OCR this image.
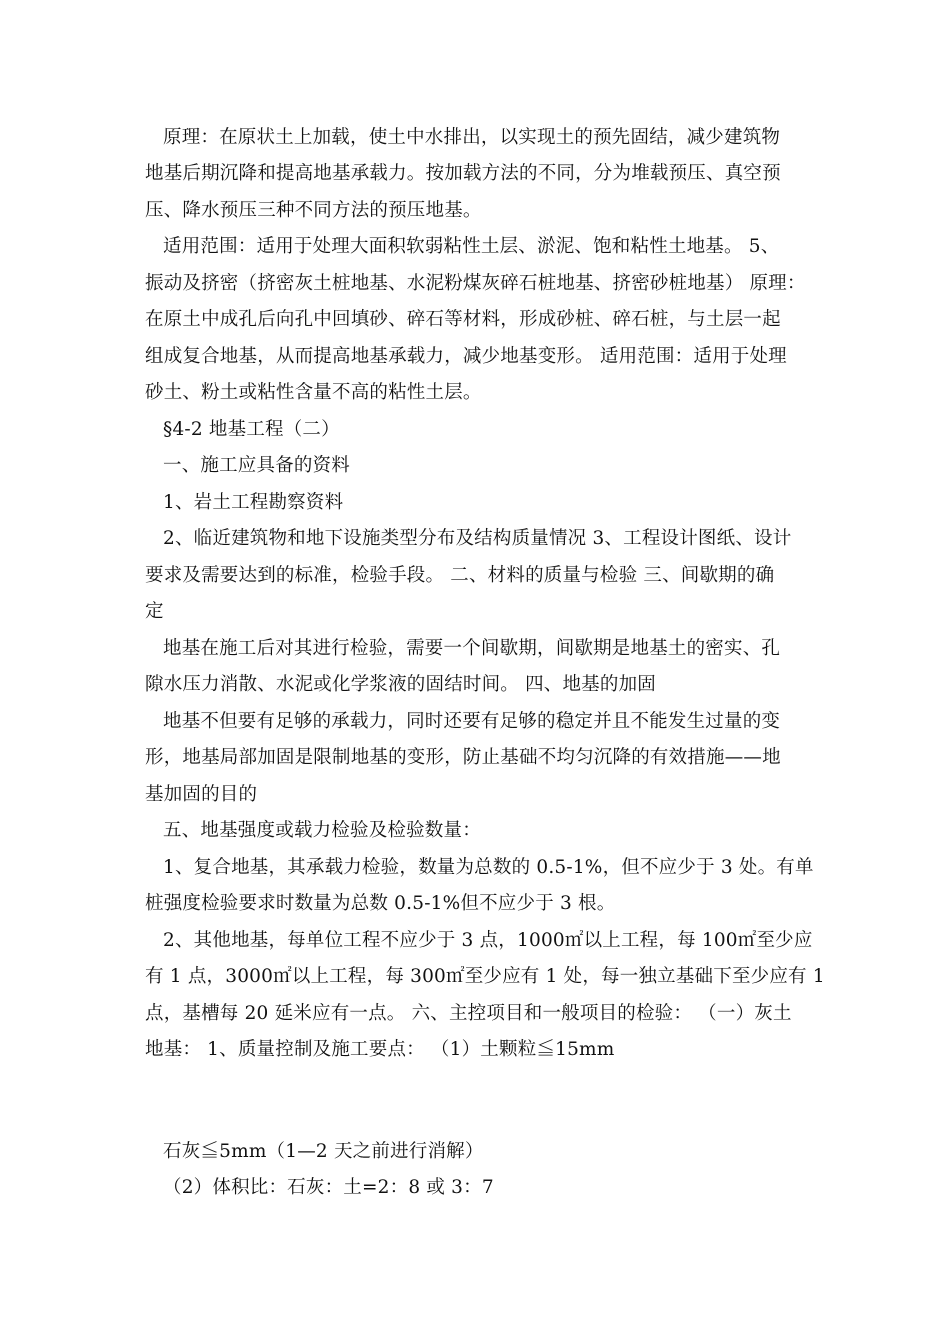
原理：在原状土上加载，使土中水排出，以实现土的预先固结，减少建筑物
地基后期沉降和提高地基承载力。按加载方法的不同，分为堆载预压、真空预
压、降水预压三种不同方法的预压地基。
适用范围：适用于处理大面积软弱粘性土层、淤泥、饱和粘性土地基。 5、
振动及挤密（挤密灰土桩地基、水泥粉煤灰碎石桩地基、挤密砂桩地基） 原理：
在原土中成孔后向孔中回填砂、碎石等材料，形成砂桩、碎石桩，与土层一起
组成复合地基，从而提高地基承载力，减少地基变形。 适用范围：适用于处理
砂土、粉土或粘性含量不高的粘性土层。
§4-2 地基工程（二）
一、施工应具备的资料
1、岩土工程勘察资料
2、临近建筑物和地下设施类型分布及结构质量情况 3、工程设计图纸、设计
要求及需要达到的标准，检验手段。 二、材料的质量与检验 三、间歇期的确
定
地基在施工后对其进行检验，需要一个间歇期，间歇期是地基土的密实、孔
隙水压力消散、水泥或化学浆液的固结时间。 四、地基的加固
地基不但要有足够的承载力，同时还要有足够的稳定并且不能发生过量的变
形，地基局部加固是限制地基的变形，防止基础不均匀沉降的有效措施——地
基加固的目的
五、地基强度或载力检验及检验数量：
1、复合地基，其承载力检验，数量为总数的 0.5-1%，但不应少于 3 处。有单
桩强度检验要求时数量为总数 0.5-1%但不应少于 3 根。
2、其他地基，每单位工程不应少于 3 点，1000㎡以上工程，每 100㎡至少应
有 1 点，3000㎡以上工程，每 300㎡至少应有 1 处，每一独立基础下至少应有 1
点，基槽每 20 延米应有一点。 六、主控项目和一般项目的检验： （一）灰土
地基： 1、质量控制及施工要点： （1）土颗粒≦15mm
石灰≦5mm（1—2 天之前进行消解）
（2）体积比：石灰：土=2：8 或 3：7
